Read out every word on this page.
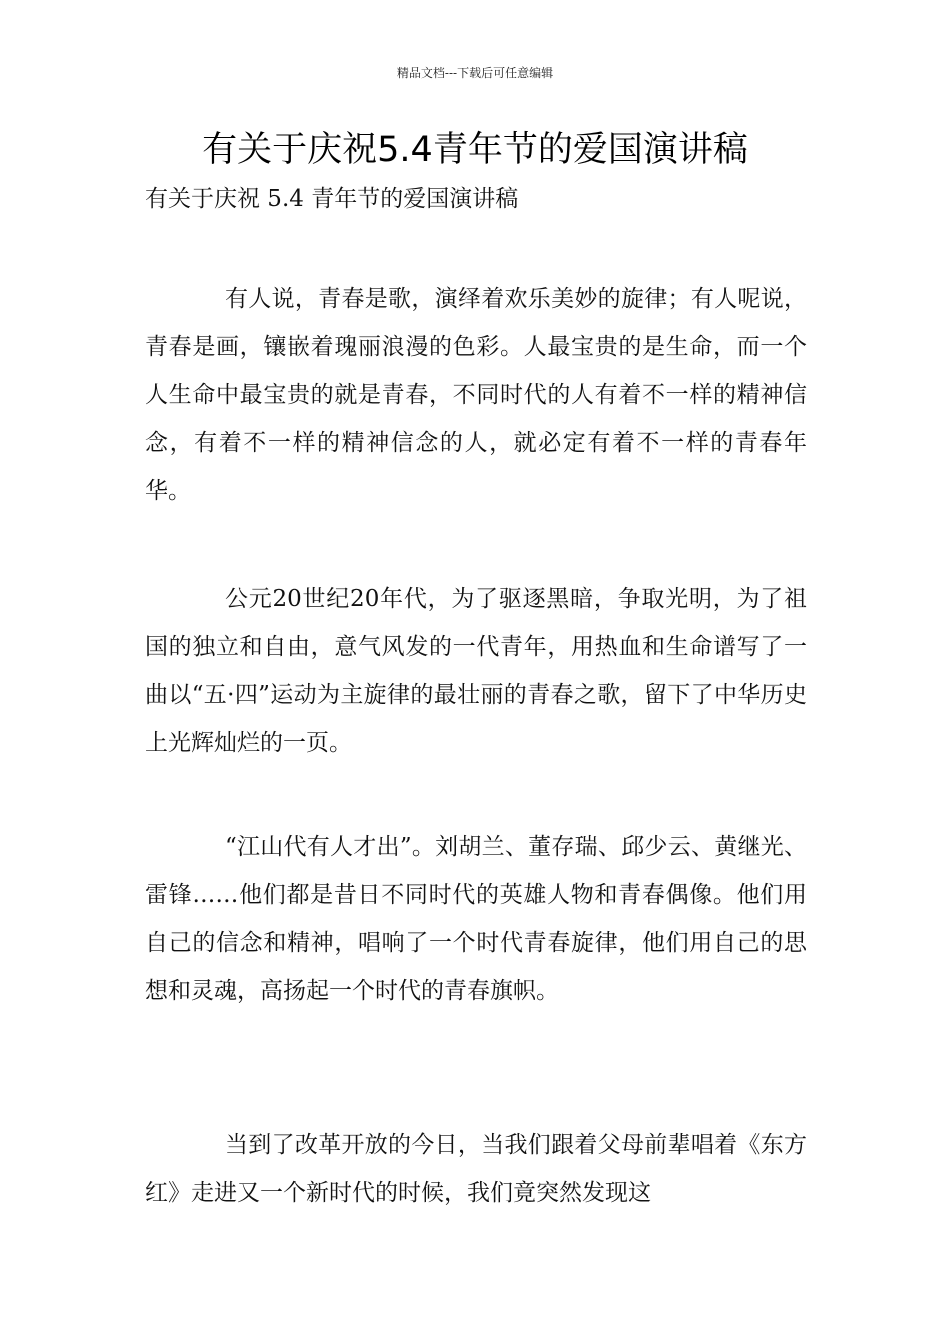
精品文档---下载后可任意编辑
有关于庆祝5.4青年节的爱国演讲稿
有关于庆祝 5.4 青年节的爱国演讲稿

有人说，青春是歌，演绎着欢乐美妙的旋律；有人呢说，青春是画，镶嵌着瑰丽浪漫的色彩。人最宝贵的是生命，而一个人生命中最宝贵的就是青春，不同时代的人有着不一样的精神信念，有着不一样的精神信念的人，就必定有着不一样的青春年华。

公元20世纪20年代，为了驱逐黑暗，争取光明，为了祖国的独立和自由，意气风发的一代青年，用热血和生命谱写了一曲以“五·四”运动为主旋律的最壮丽的青春之歌，留下了中华历史上光辉灿烂的一页。

“江山代有人才出”。刘胡兰、董存瑞、邱少云、黄继光、雷锋……他们都是昔日不同时代的英雄人物和青春偶像。他们用自己的信念和精神，唱响了一个时代青春旋律，他们用自己的思想和灵魂，高扬起一个时代的青春旗帜。

当到了改革开放的今日，当我们跟着父母前辈唱着《东方红》走进又一个新时代的时候，我们竟突然发现这
